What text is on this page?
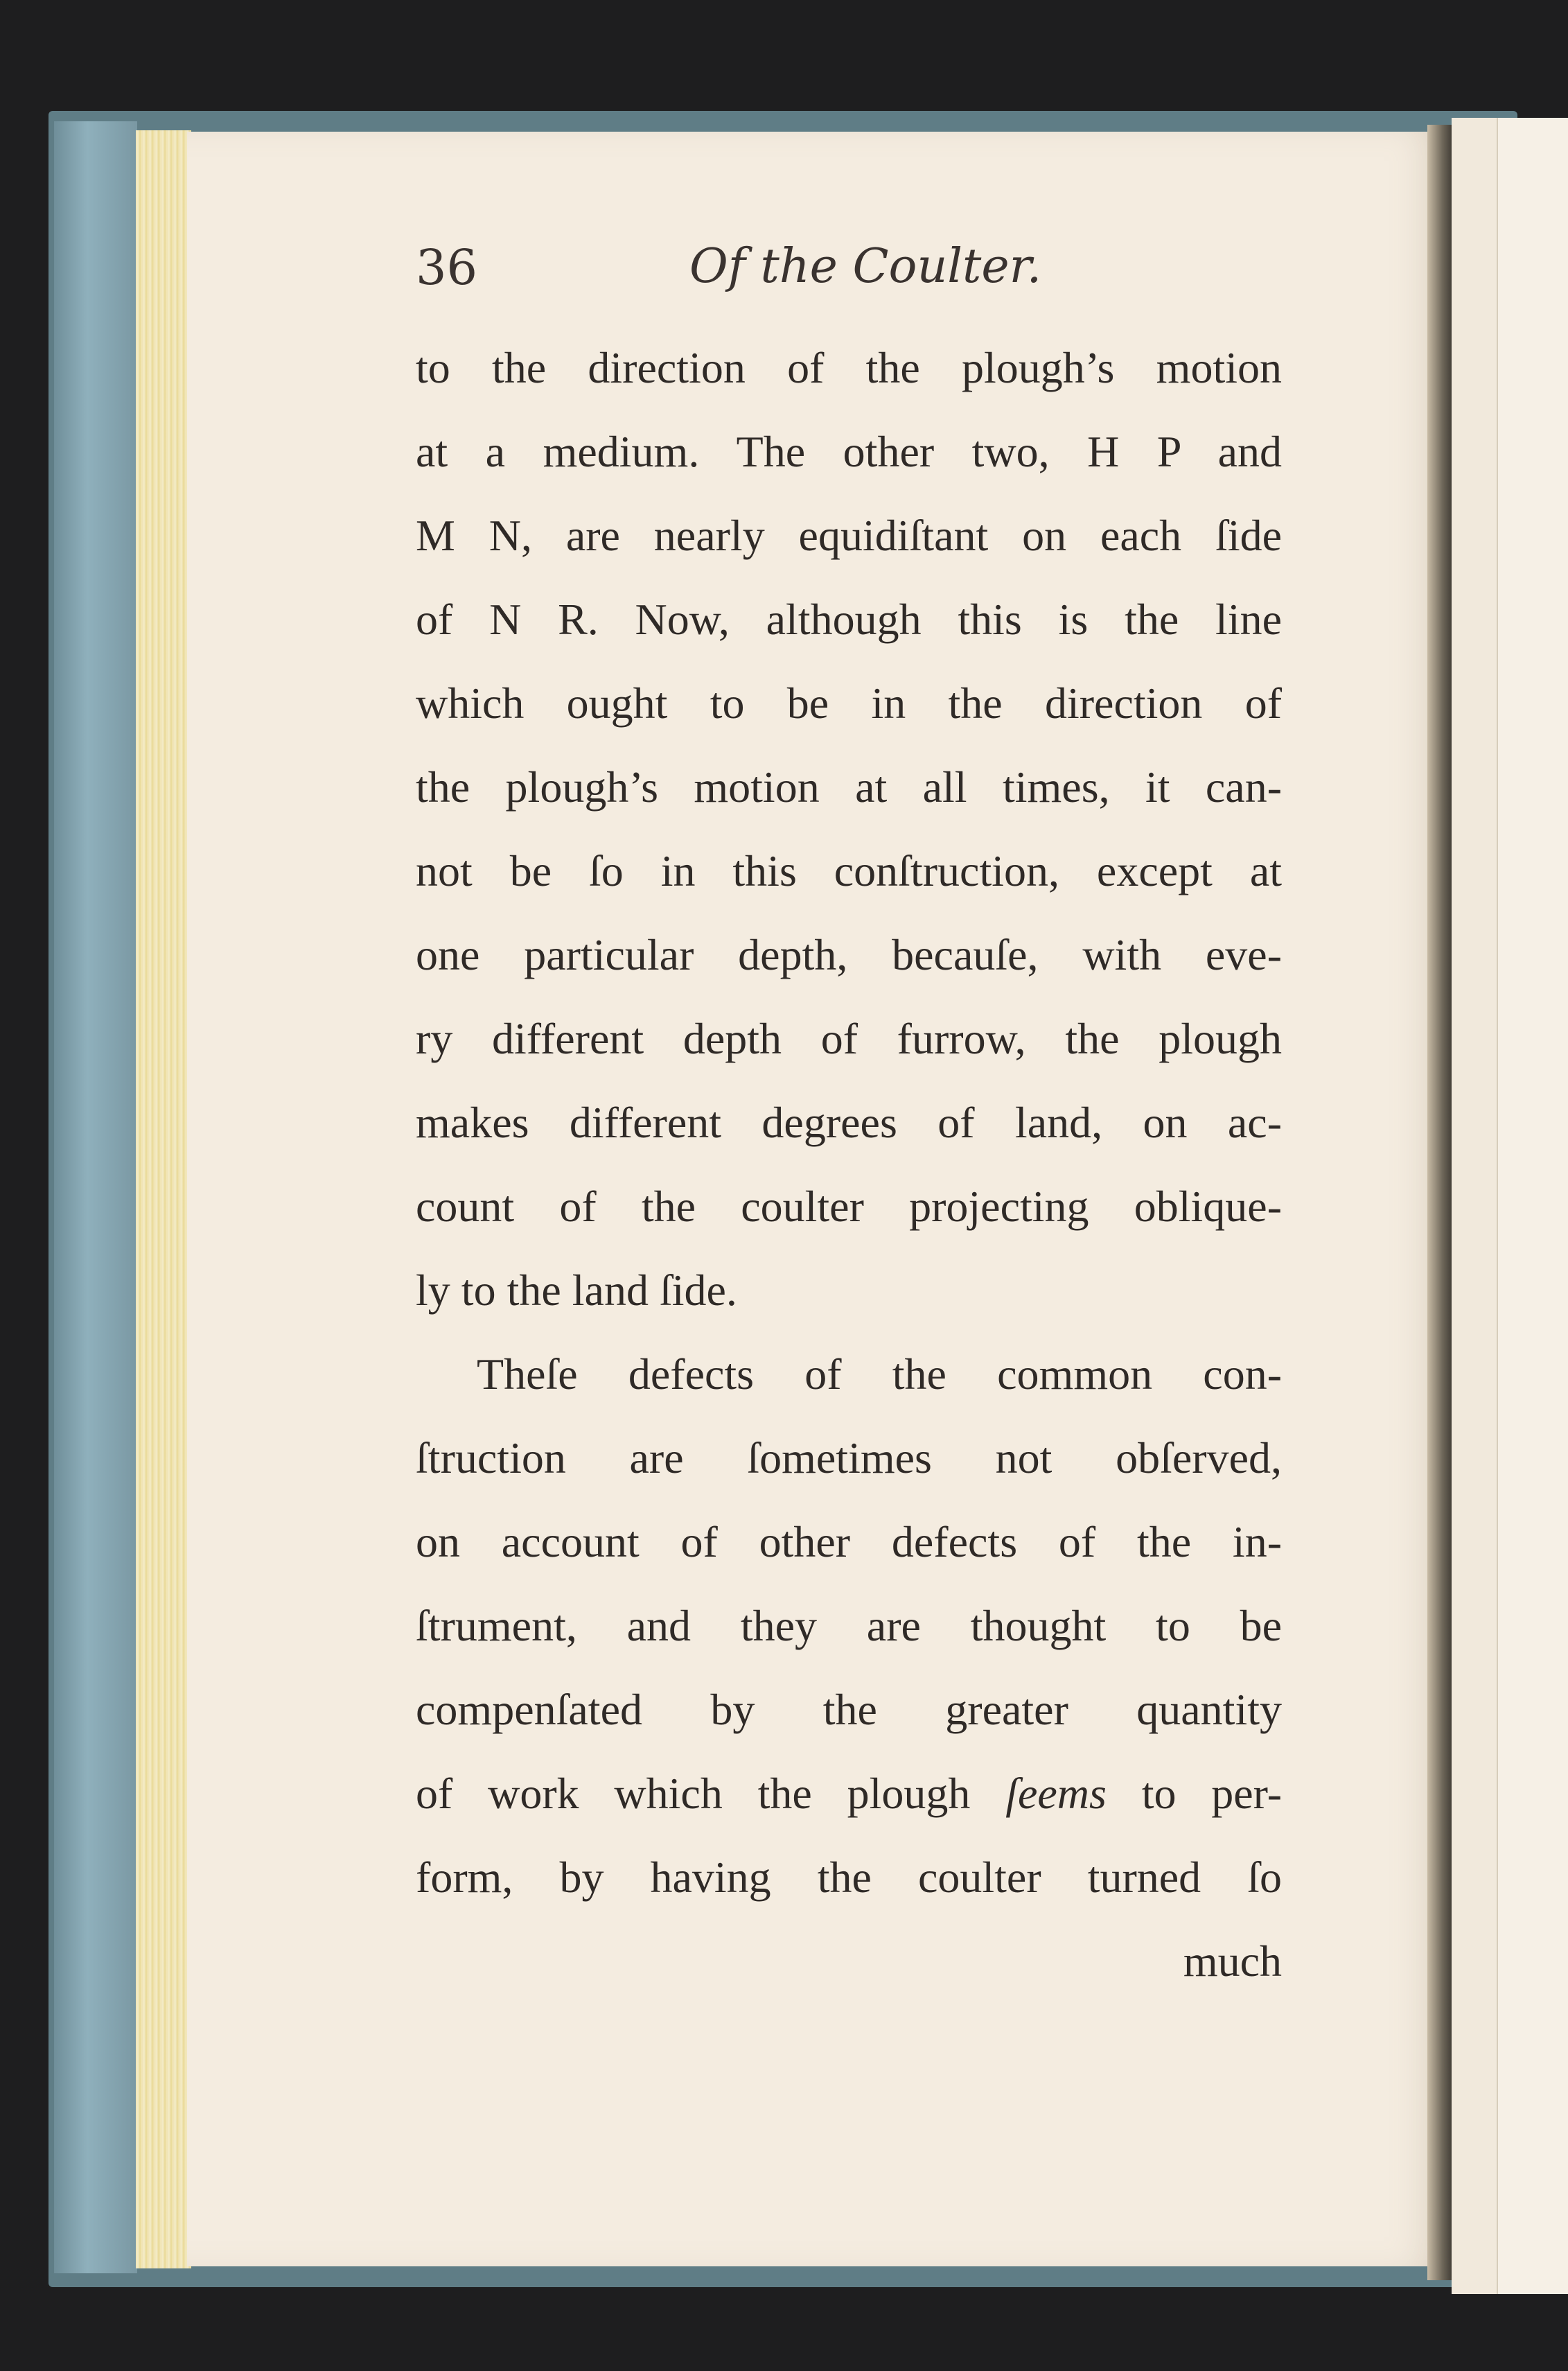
36	Of the Coulter.
to the direction of the plough’s motion
at a medium. The other two, H P and
M N, are nearly equidiſtant on each ſide
of N R. Now, although this is the line
which ought to be in the direction of
the plough’s motion at all times, it can-
not be ſo in this conſtruction, except at
one particular depth, becauſe, with eve-
ry different depth of furrow, the plough
makes different degrees of land, on ac-
count of the coulter projecting oblique-
ly to the land ſide.
Theſe defects of the common con-
ſtruction are ſometimes not obſerved,
on account of other defects of the in-
ſtrument, and they are thought to be
compenſated by the greater quantity
of work which the plough ſeems to per-
form, by having the coulter turned ſo
much
